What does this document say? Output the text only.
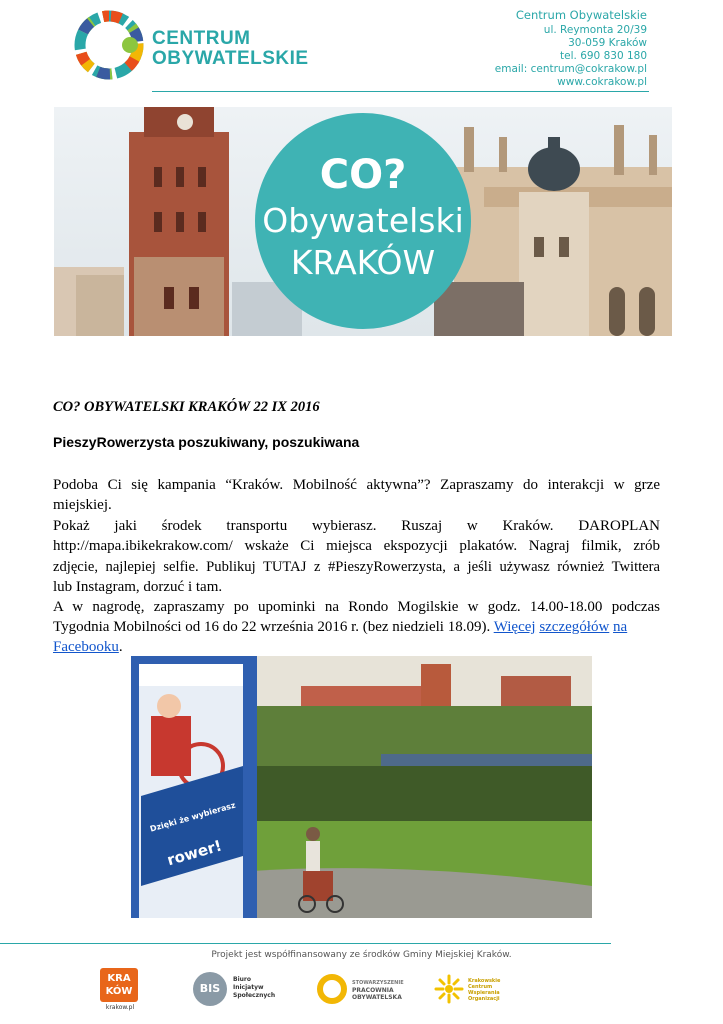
CENTRUM
OBYWATELSKIE
Centrum Obywatelskie
ul. Reymonta 20/39
30-059 Kraków
tel. 690 830 180
email: centrum@cokrakow.pl
www.cokrakow.pl
CO?
Obywatelski
KRAKÓW
CO? OBYWATELSKI KRAKÓW 22 IX 2016
PieszyRowerzysta poszukiwany, poszukiwana
Podoba Ci się kampania “Kraków. Mobilność aktywna”? Zapraszamy do interakcji w grze
miejskiej.
Pokaż jaki środek transportu wybierasz. Ruszaj w Kraków. DAROPLAN
http://mapa.ibikekrakow.com/ wskaże Ci miejsca ekspozycji plakatów. Nagraj filmik, zrób
zdjęcie, najlepiej selfie. Publikuj TUTAJ z #PieszyRowerzysta, a jeśli używasz również Twittera
lub Instagram, dorzuć i tam.
A w nagrodę, zapraszamy po upominki na Rondo Mogilskie w godz. 14.00-18.00 podczas
Tygodnia Mobilności od 16 do 22 września 2016 r. (bez niedzieli 18.09). Więcej szczegółów na
Facebooku.
Dzięki że wybierasz
rower!
Projekt jest współfinansowany ze środków Gminy Miejskiej Kraków.
KRA KÓW
krakow.pl
BIS
Biuro
Inicjatyw
Społecznych
STOWARZYSZENIE
PRACOWNIA
OBYWATELSKA
Krakowskie
Centrum
Wspierania
Organizacji
